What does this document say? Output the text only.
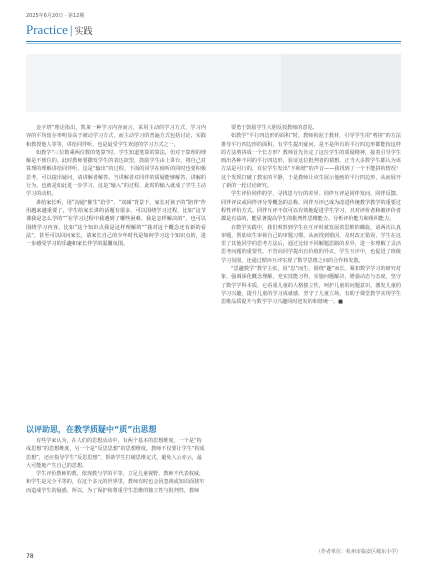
2025年6月20日 · 第12期
Practice | 实践

金字塔”理论指出，凯莱一种学习内容而言，采用主动的学习方式，学习内容的平均留存率明显高于被动学习方式，而主动学习的普遍方式包括讨论、实践和教授他人等等，讲给同伴听，也是最受学生欢迎的学习方式之一。

如教学“三位数乘两位数的笔算”时，学生知道笔算的算法，但对于算理的理解是不到位的。此时教师要撒发学生的表达欲望，鼓励学生由上讲台，将自己对算理的理解讲给同伴听，这是“输出”的过程。下面的同学在倾听的同时也要积极思考，可以提出疑问，请讲解者解答。当讲解者对同伴的质疑能够解答，讲解的行为，也就是如此进一步学习，这是“输入”的过程，此时的输入就成了学生主动学习的动机。

讲给家长听，用“沟通”催生“给学”。“双减”背景下，家长对孩子的“陪伴”作用越来越重要了，学生给家长讲的话题有很多，可以围绕学习过程，比如“这节课我是怎么学的”“在学习过程中我遇到了哪些困难，我是怎样解决的”，也可以围绕学习内容，比如“这个知识点我是这样理解的”“我对这个概念还有新的看法”，甚至可以回问家长，请家长自己的少年时代是如何学习这个知识点的，进一步感受学习的乐趣和家长伴学的温馨氛围。

以评助思，在教学质疑中“质”出思想

有些学家认为，在人们的思想活动中，有两个基本的思想维度，一个是“构成思想”的思想维度，另一个是“反思思想”的思想维度。教师不仅要让学生“构成思想”，还应指导学生“反思思想”，帮助学生打破思维定式，避免人云亦云，最大可能地产生自己的思想。

学生评价教师的教，依现教与学的平等。立足儿童视野，教师不代表权威，和学生是完全平等的，在这个多元的世界里，教师有时也会因忽视或知识面狭窄而造成学生的疑惑，所以，为了保护和尊重学生思维的独立性与批判性，教师

要勇于鼓励学生大胆反驳教师的意见。

如教学“平行四边形的面积”时，教师拘泥于教材，引导学生用“剪拼”的方法推导平行四边形的面积，有学生提出疑问，是不是所有的平行四边形都能按这样的方法剪拼成一个长方形？教师首先肯定了这位学生的质疑精神，接着引导学生画出各种不同的平行四边形，验证这位批判者的猜想。正当大多数学生都认为该方法是可行的，有位学生发出“不和谐”的声音——我找到了一个不能拼的情况！这个发现打破了教室的平静，于是教师让该生展示他画的平行四边形，从而展开了新的一轮讨论研究。

学生评价同伴的学，寻找思与行的差异。同伴互评是同伴发问、同伴反馈、同伴评议或同伴评分等概念的总称。同伴互评已成为改进传统教学教学的重要过程性评价方式。同伴互评不仅可以有效地促进学生学习，且对评价者和被评价者都是有益的，能显著提高学生的批判性思维能力、分析评价能力和组织能力。

在数学实践中，我们观察到学生在互评时就发展着思维的螺旋。请两次认真审题，帮助该生审视自己的审题习惯，从而找到错因，及时改正错误，学生在这里了其他同学的思考方法后，通过比较不同解题思路的差异，进一步理解了灵活思考问题的重要性。不管向同学提出有价值的异议，学生互评中，也促进了班级学习氛围，还通过循环互评实现了数学思维之间的合作和发散。

“思趣数学”教学主张，因“思”而生，围绕“趣”而长。紧扣数学学习的研究对象，强调深化概念理解，充实技能习得，实施问题解决，增强动态与态度，坚守了数学学科本质，它看重儿童的人格独立性，呵护儿童的问题意识，激发儿童的学习兴趣，提升儿童的学习成就感，坚守了儿童立场，有助于课堂教学实现学生思维品质提升与数学学习兴趣同时迸发的和谐统一。■

（作者单位：杭州市临安区城东小学）
78
